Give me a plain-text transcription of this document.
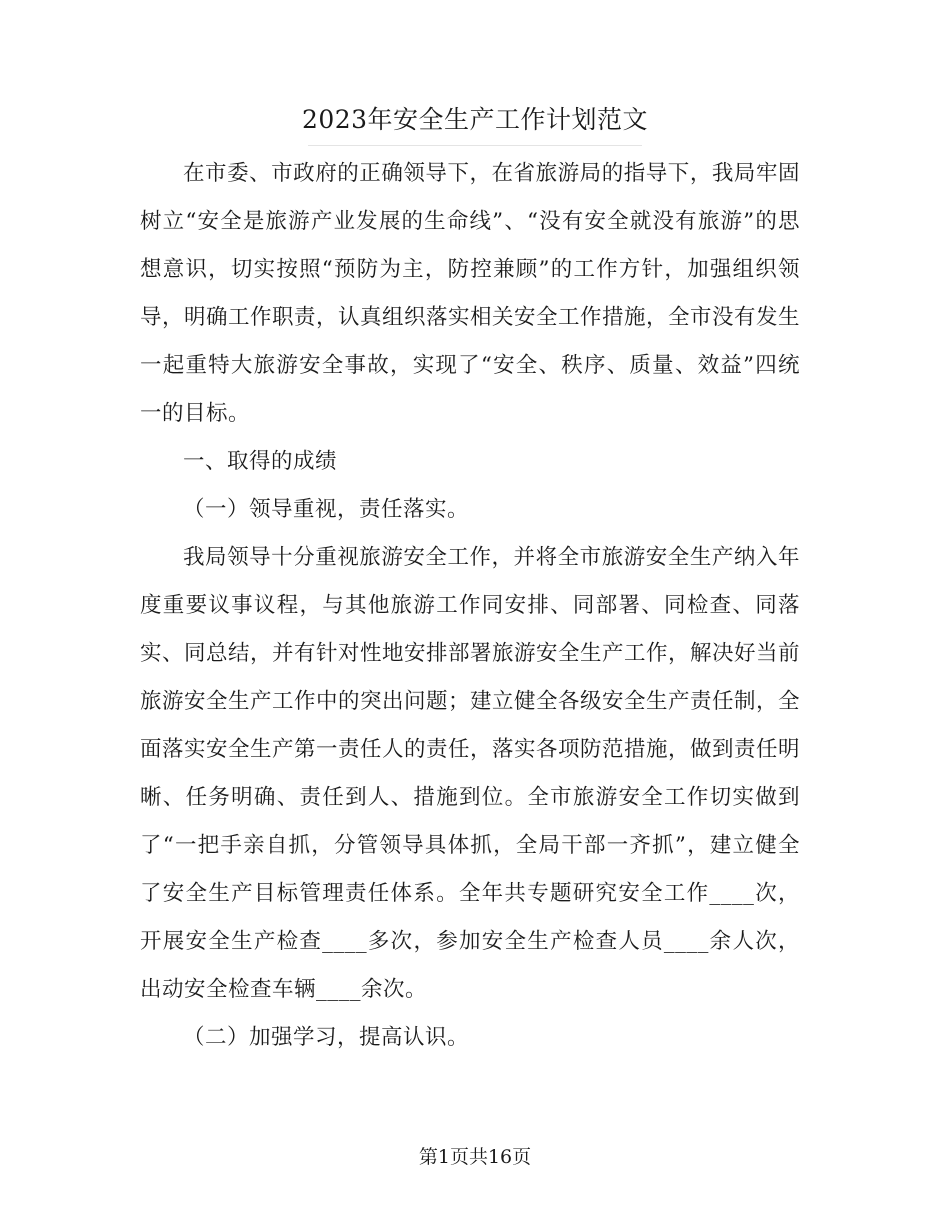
2023年安全生产工作计划范文

在市委、市政府的正确领导下，在省旅游局的指导下，我局牢固树立“安全是旅游产业发展的生命线”、“没有安全就没有旅游”的思想意识，切实按照“预防为主，防控兼顾”的工作方针，加强组织领导，明确工作职责，认真组织落实相关安全工作措施，全市没有发生一起重特大旅游安全事故，实现了“安全、秩序、质量、效益”四统一的目标。

一、取得的成绩

（一）领导重视，责任落实。

我局领导十分重视旅游安全工作，并将全市旅游安全生产纳入年度重要议事议程，与其他旅游工作同安排、同部署、同检查、同落实、同总结，并有针对性地安排部署旅游安全生产工作，解决好当前旅游安全生产工作中的突出问题；建立健全各级安全生产责任制，全面落实安全生产第一责任人的责任，落实各项防范措施，做到责任明晰、任务明确、责任到人、措施到位。全市旅游安全工作切实做到了“一把手亲自抓，分管领导具体抓，全局干部一齐抓”，建立健全了安全生产目标管理责任体系。全年共专题研究安全工作____次，开展安全生产检查____多次，参加安全生产检查人员____余人次，出动安全检查车辆____余次。

（二）加强学习，提高认识。

第1页共16页
